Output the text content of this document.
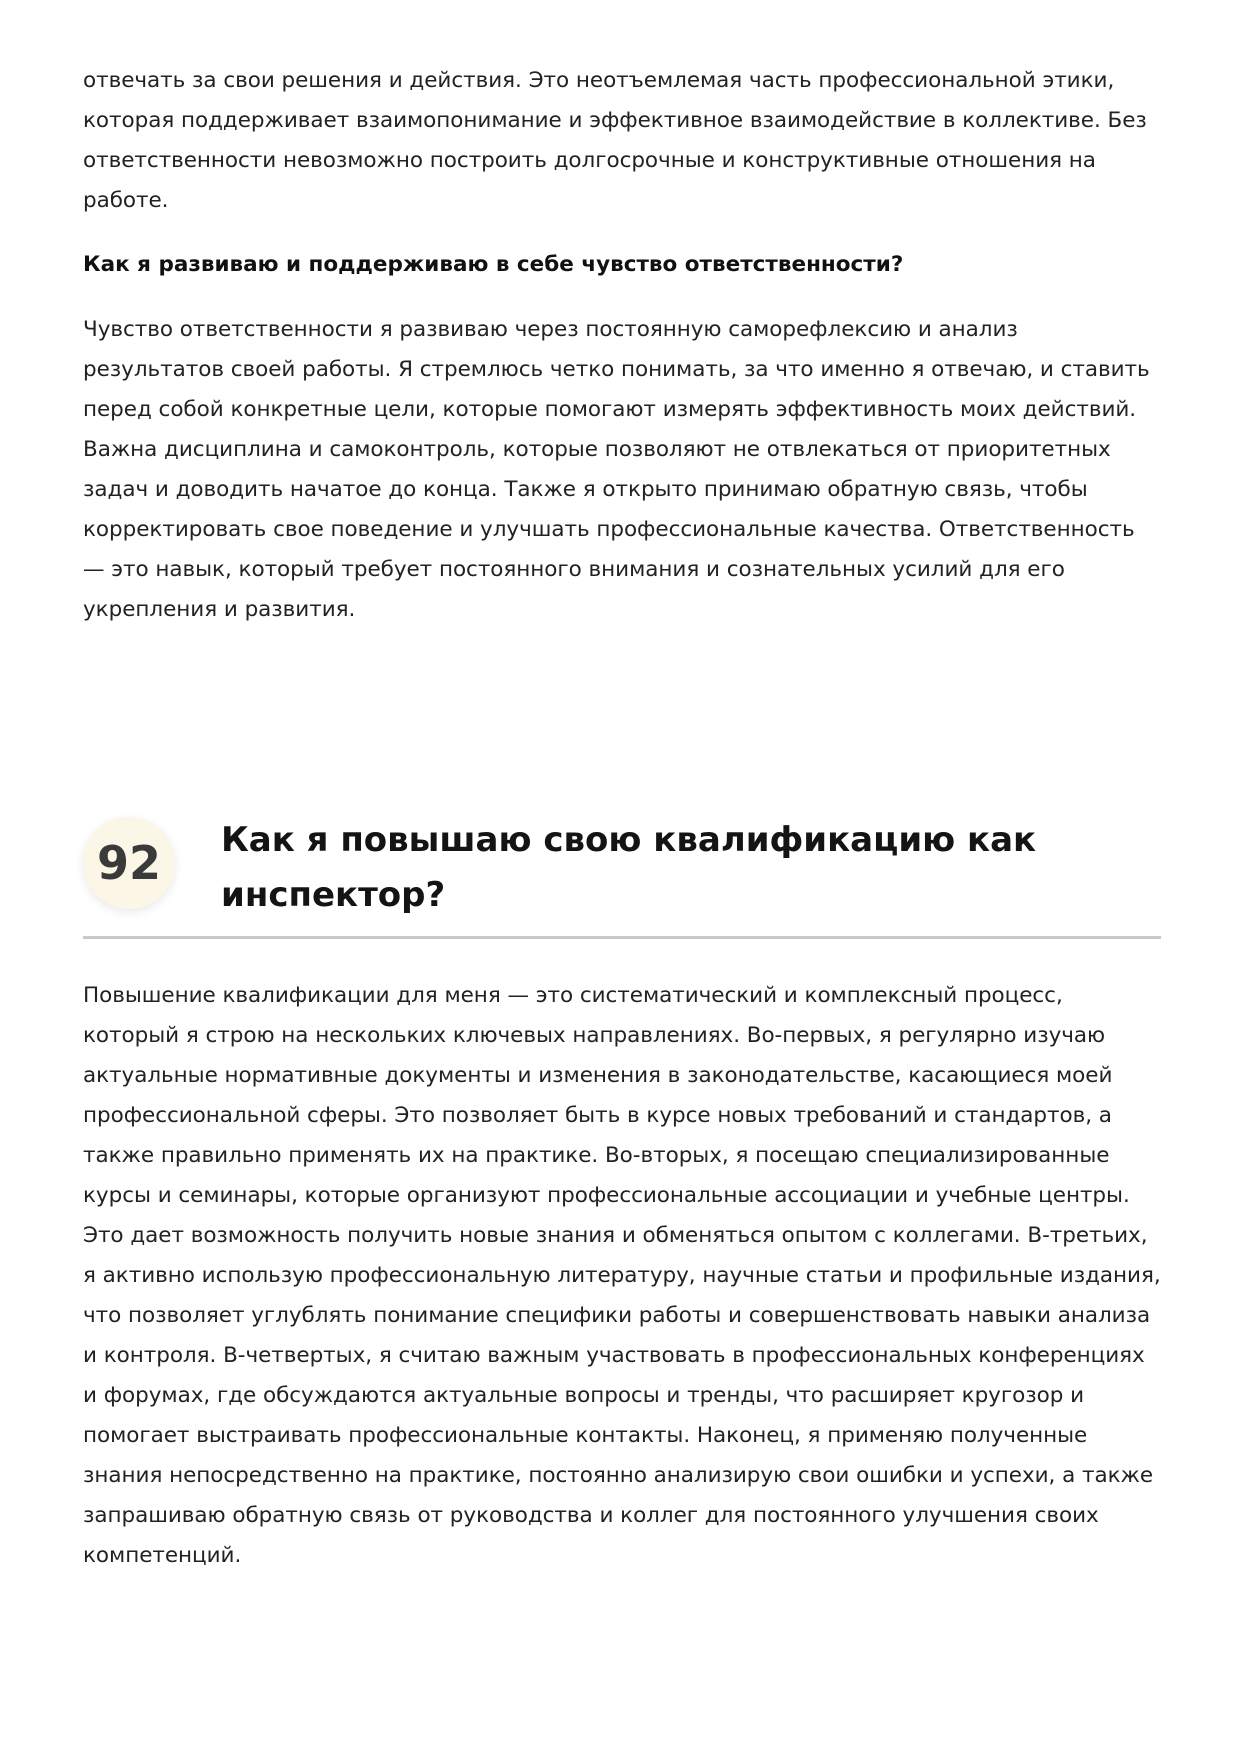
отвечать за свои решения и действия. Это неотъемлемая часть профессиональной этики, которая поддерживает взаимопонимание и эффективное взаимодействие в коллективе. Без ответственности невозможно построить долгосрочные и конструктивные отношения на работе.

Как я развиваю и поддерживаю в себе чувство ответственности?

Чувство ответственности я развиваю через постоянную саморефлексию и анализ результатов своей работы. Я стремлюсь четко понимать, за что именно я отвечаю, и ставить перед собой конкретные цели, которые помогают измерять эффективность моих действий. Важна дисциплина и самоконтроль, которые позволяют не отвлекаться от приоритетных задач и доводить начатое до конца. Также я открыто принимаю обратную связь, чтобы корректировать свое поведение и улучшать профессиональные качества. Ответственность — это навык, который требует постоянного внимания и сознательных усилий для его укрепления и развития.

92	Как я повышаю свою квалификацию как инспектор?

Повышение квалификации для меня — это систематический и комплексный процесс, который я строю на нескольких ключевых направлениях. Во-первых, я регулярно изучаю актуальные нормативные документы и изменения в законодательстве, касающиеся моей профессиональной сферы. Это позволяет быть в курсе новых требований и стандартов, а также правильно применять их на практике. Во-вторых, я посещаю специализированные курсы и семинары, которые организуют профессиональные ассоциации и учебные центры. Это дает возможность получить новые знания и обменяться опытом с коллегами. В-третьих, я активно использую профессиональную литературу, научные статьи и профильные издания, что позволяет углублять понимание специфики работы и совершенствовать навыки анализа и контроля. В-четвертых, я считаю важным участвовать в профессиональных конференциях и форумах, где обсуждаются актуальные вопросы и тренды, что расширяет кругозор и помогает выстраивать профессиональные контакты. Наконец, я применяю полученные знания непосредственно на практике, постоянно анализирую свои ошибки и успехи, а также запрашиваю обратную связь от руководства и коллег для постоянного улучшения своих компетенций.
